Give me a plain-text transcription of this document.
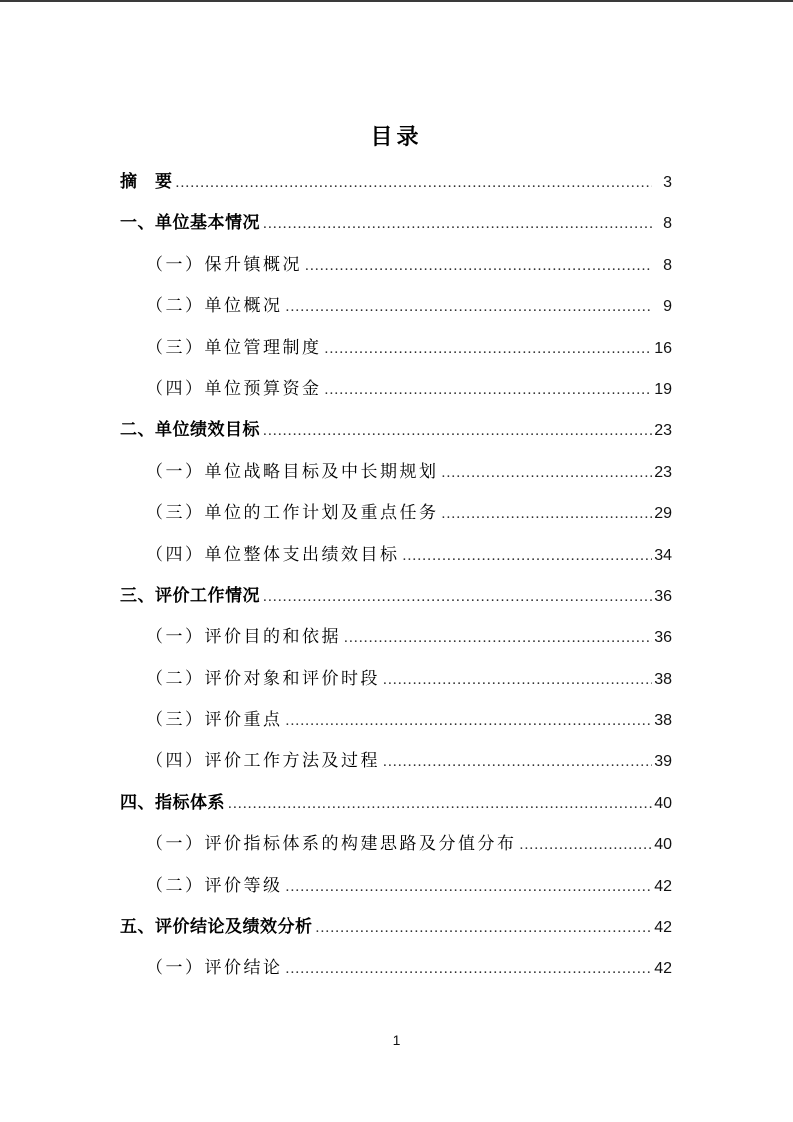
目录
摘　要 .....	3
一、单位基本情况 .....	8
（一）保升镇概况 .....	8
（二）单位概况 .....	9
（三）单位管理制度 .....	16
（四）单位预算资金 .....	19
二、单位绩效目标 .....	23
（一）单位战略目标及中长期规划 .....	23
（三）单位的工作计划及重点任务 .....	29
（四）单位整体支出绩效目标 .....	34
三、评价工作情况 .....	36
（一）评价目的和依据 .....	36
（二）评价对象和评价时段 .....	38
（三）评价重点 .....	38
（四）评价工作方法及过程 .....	39
四、指标体系 .....	40
（一）评价指标体系的构建思路及分值分布 .....	40
（二）评价等级 .....	42
五、评价结论及绩效分析 .....	42
（一）评价结论 .....	42
1
